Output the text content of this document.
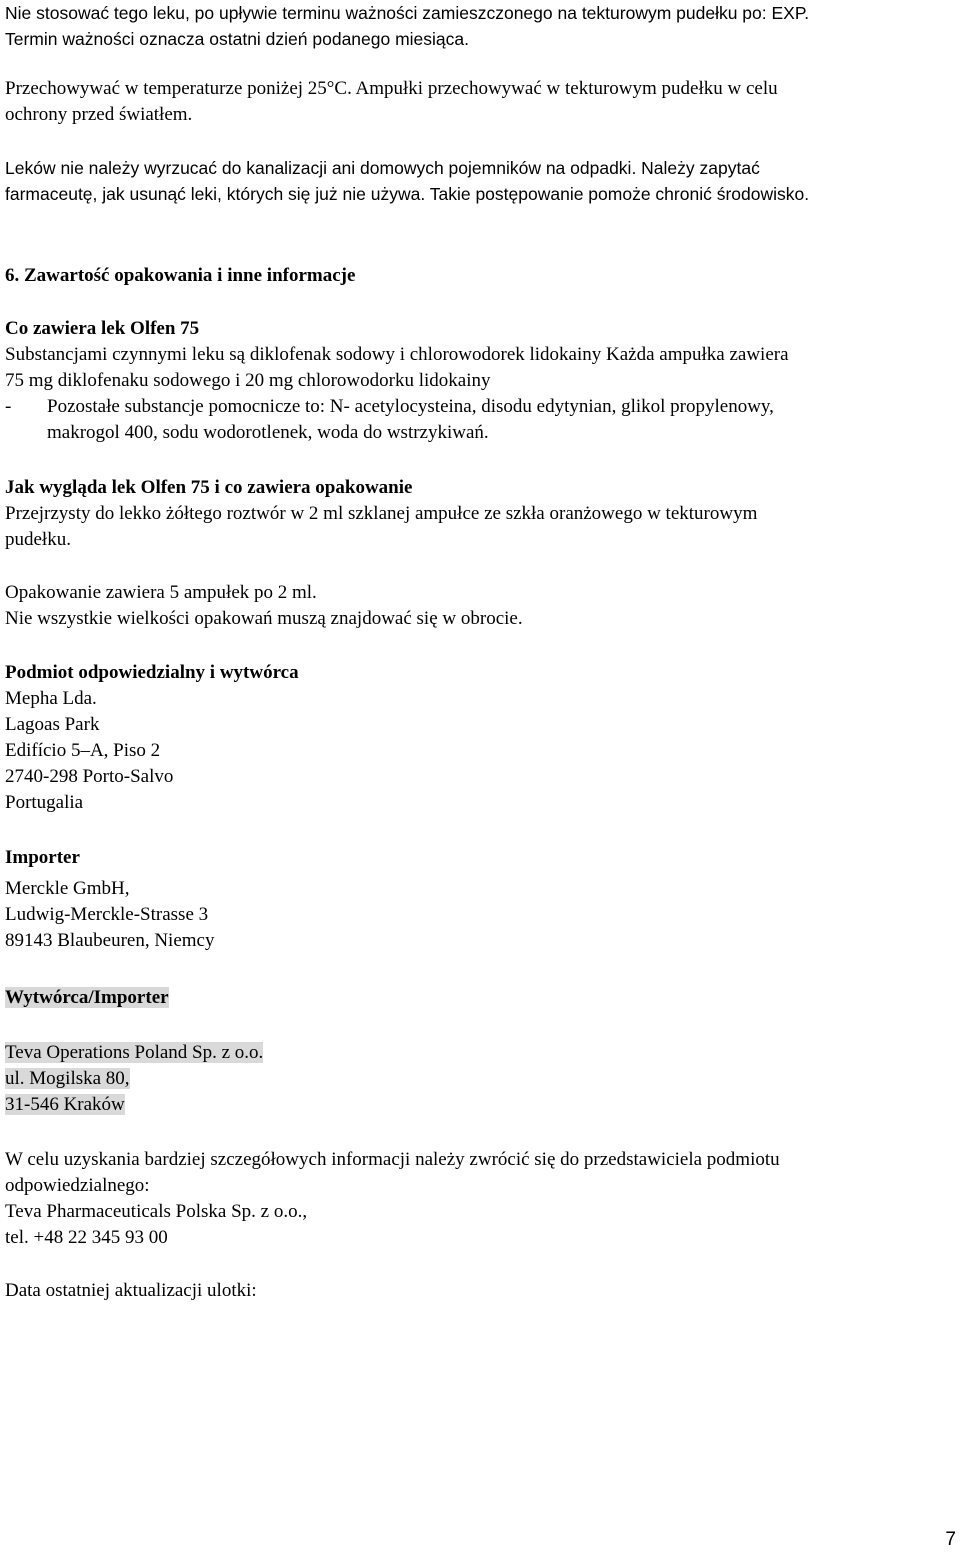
Nie stosować tego leku, po upływie terminu ważności zamieszczonego na tekturowym pudełku po: EXP.
Termin ważności oznacza ostatni dzień podanego miesiąca.
Przechowywać w temperaturze poniżej 25°C. Ampułki przechowywać w tekturowym pudełku w celu
ochrony przed światłem.
Leków nie należy wyrzucać do kanalizacji ani domowych pojemników na odpadki. Należy zapytać
farmaceutę, jak usunąć leki, których się już nie używa. Takie postępowanie pomoże chronić środowisko.
6. Zawartość opakowania i inne informacje
Co zawiera lek Olfen 75
Substancjami czynnymi leku są diklofenak sodowy i chlorowodorek lidokainy Każda ampułka zawiera
75 mg diklofenaku sodowego i 20 mg chlorowodorku lidokainy
-	Pozostałe substancje pomocnicze to: N- acetylocysteina, disodu edytynian, glikol propylenowy,
makrogol 400, sodu wodorotlenek, woda do wstrzykiwań.
Jak wygląda lek Olfen 75 i co zawiera opakowanie
Przejrzysty do lekko żółtego roztwór w 2 ml szklanej ampułce ze szkła oranżowego w tekturowym
pudełku.
Opakowanie zawiera 5 ampułek po 2 ml.
Nie wszystkie wielkości opakowań muszą znajdować się w obrocie.
Podmiot odpowiedzialny i wytwórca
Mepha Lda.
Lagoas Park
Edifício 5–A, Piso 2
2740-298 Porto-Salvo
Portugalia
Importer
Merckle GmbH,
Ludwig-Merckle-Strasse 3
89143 Blaubeuren, Niemcy
Wytwórca/Importer
Teva Operations Poland Sp. z o.o.
ul. Mogilska 80,
31-546 Kraków
W celu uzyskania bardziej szczegółowych informacji należy zwrócić się do przedstawiciela podmiotu
odpowiedzialnego:
Teva Pharmaceuticals Polska Sp. z o.o.,
tel. +48 22 345 93 00
Data ostatniej aktualizacji ulotki:
7
